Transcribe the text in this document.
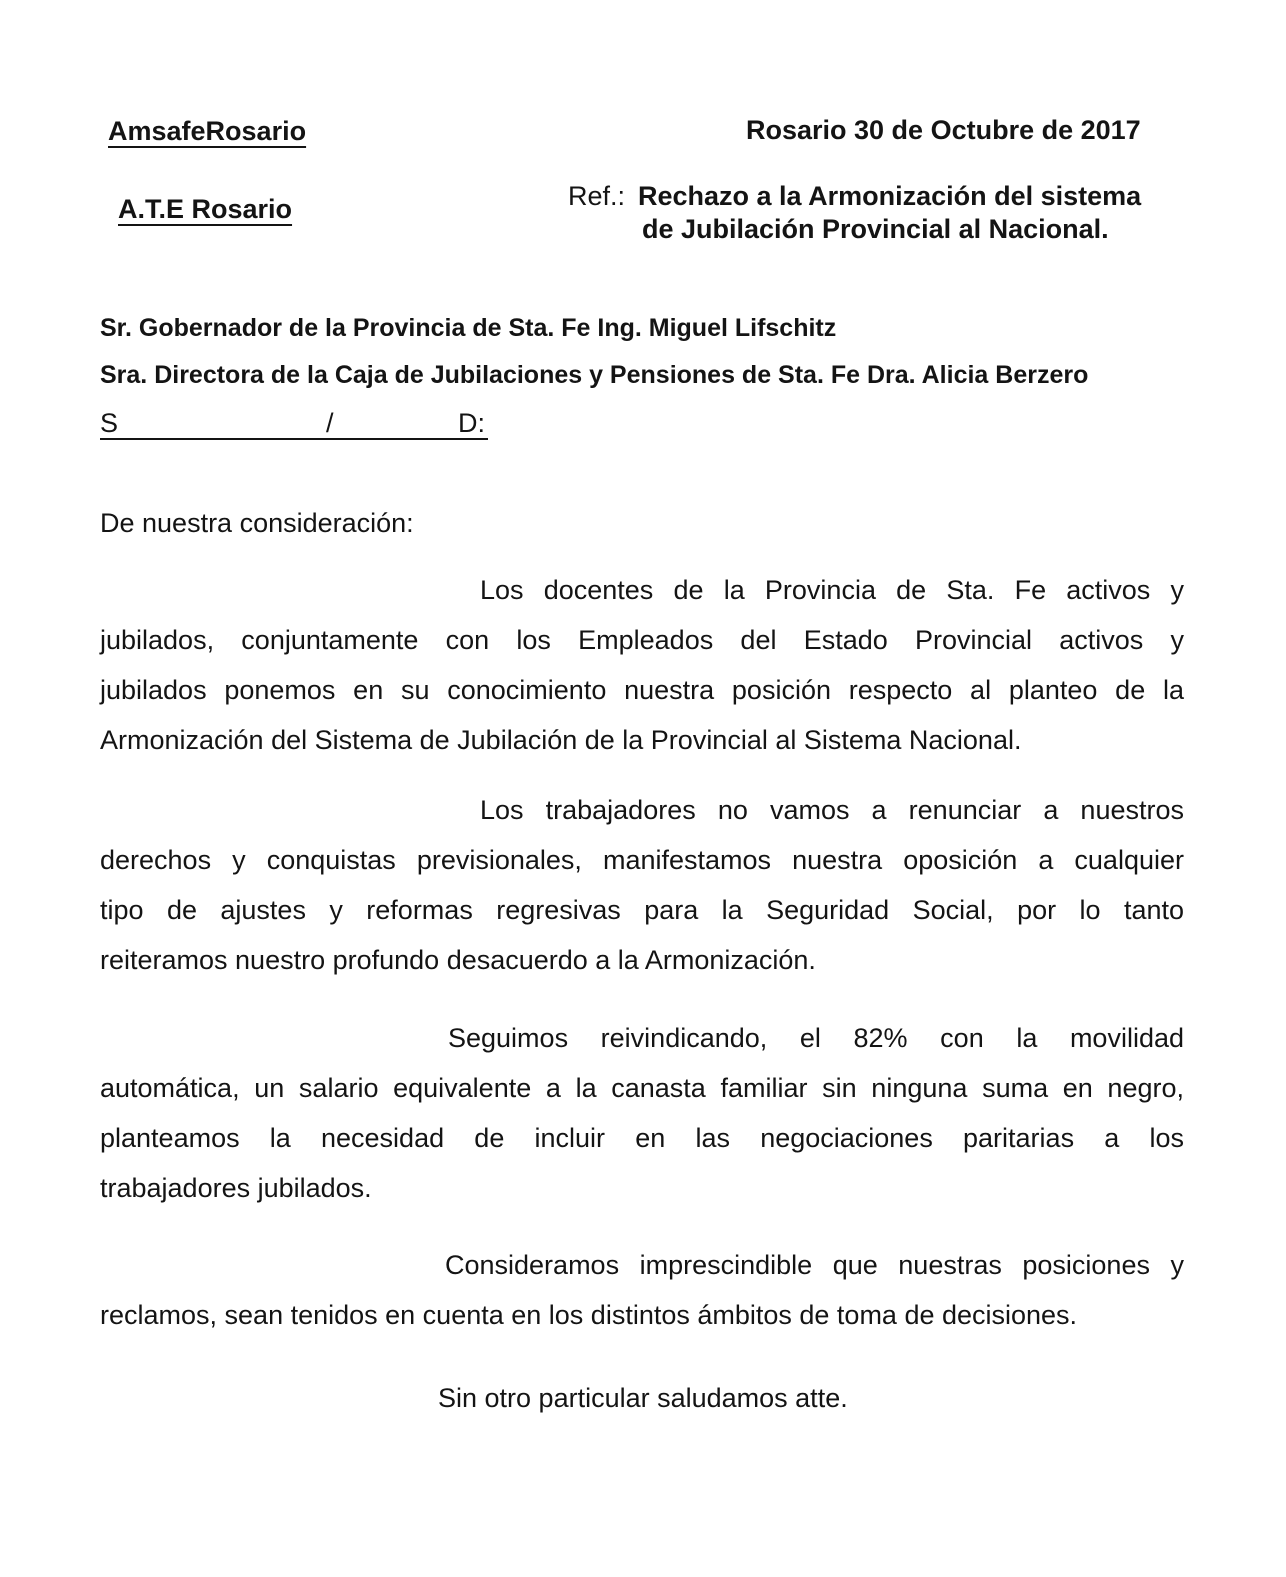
AmsafeRosario
A.T.E Rosario
Rosario 30 de Octubre de 2017
Ref.: Rechazo a la Armonización del sistema
de Jubilación Provincial al Nacional.
Sr. Gobernador de la Provincia de Sta. Fe Ing. Miguel Lifschitz
Sra. Directora de la Caja de Jubilaciones y Pensiones de Sta. Fe Dra. Alicia Berzero
S	/	D:
De nuestra consideración:
Los docentes de la Provincia de Sta. Fe activos y
jubilados, conjuntamente con los Empleados del Estado Provincial activos y
jubilados ponemos en su conocimiento nuestra posición respecto al planteo de la
Armonización del Sistema de Jubilación de la Provincial al Sistema Nacional.
Los trabajadores no vamos a renunciar a nuestros
derechos y conquistas previsionales, manifestamos nuestra oposición a cualquier
tipo de ajustes y reformas regresivas para la Seguridad Social, por lo tanto
reiteramos nuestro profundo desacuerdo a la Armonización.
Seguimos reivindicando, el 82% con la movilidad
automática, un salario equivalente a la canasta familiar sin ninguna suma en negro,
planteamos la necesidad de incluir en las negociaciones paritarias a los
trabajadores jubilados.
Consideramos imprescindible que nuestras posiciones y
reclamos, sean tenidos en cuenta en los distintos ámbitos de toma de decisiones.
Sin otro particular saludamos atte.
